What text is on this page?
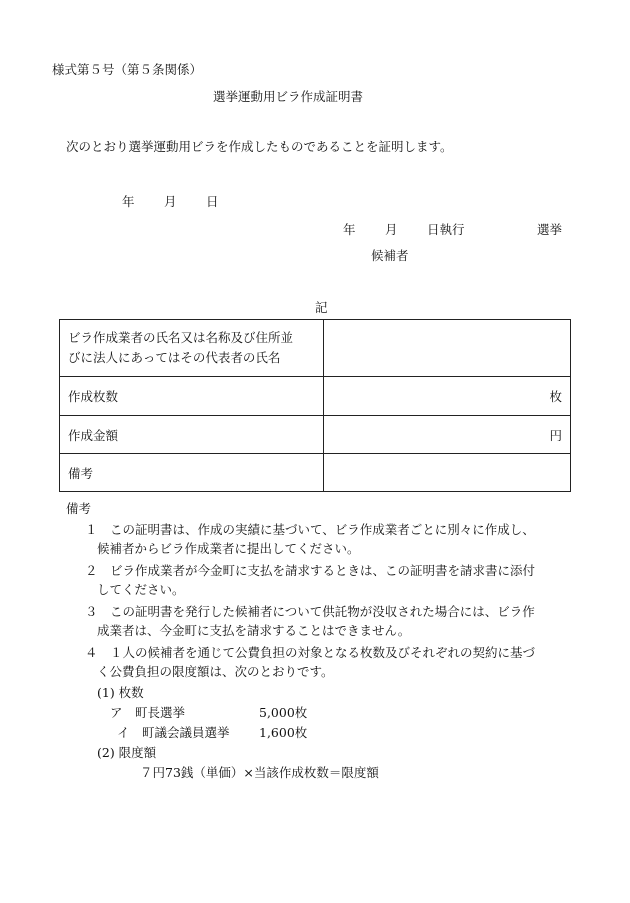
様式第５号（第５条関係）
選挙運動用ビラ作成証明書
次のとおり選挙運動用ビラを作成したものであることを証明します。
年 月 日
年 月 日執行	選挙
候補者
記
ビラ作成業者の氏名又は名称及び住所並
びに法人にあってはその代表者の氏名	

作成枚数	枚
作成金額	円
備考	
備考
１ この証明書は、作成の実績に基づいて、ビラ作成業者ごとに別々に作成し、
候補者からビラ作成業者に提出してください。
２ ビラ作成業者が今金町に支払を請求するときは、この証明書を請求書に添付
してください。
３ この証明書を発行した候補者について供託物が没収された場合には、ビラ作
成業者は、今金町に支払を請求することはできません。
４ １人の候補者を通じて公費負担の対象となる枚数及びそれぞれの契約に基づ
く公費負担の限度額は、次のとおりです。
(1) 枚数
ア　町長選挙	5,000枚
イ　町議会議員選挙 1,600枚
(2) 限度額
７円73銭（単価）×当該作成枚数＝限度額
